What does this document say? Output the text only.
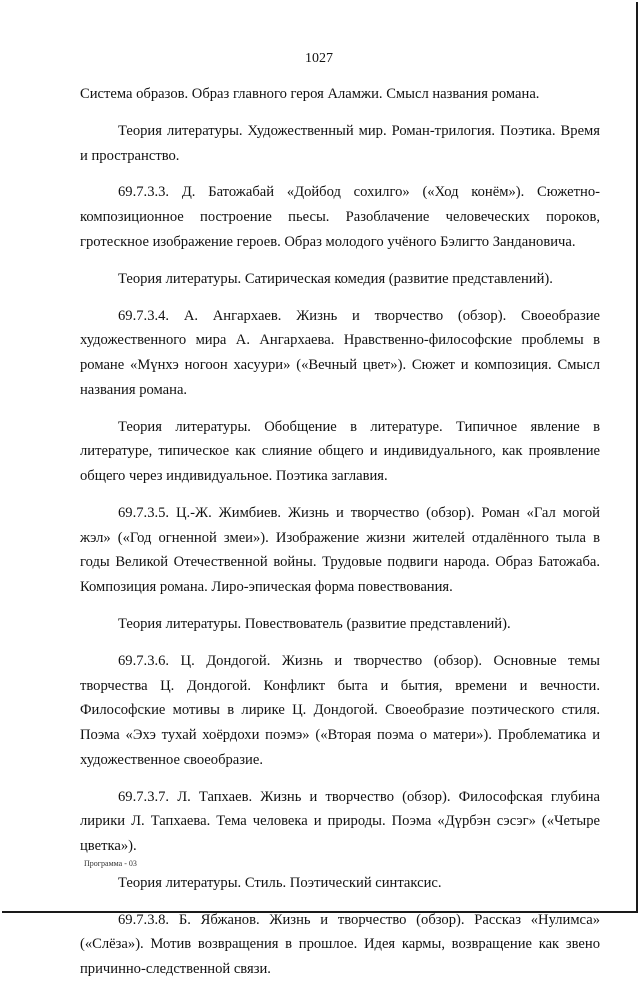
1027

Система образов. Образ главного героя Аламжи. Смысл названия романа.

Теория литературы. Художественный мир. Роман-трилогия. Поэтика. Время и пространство.

69.7.3.3. Д. Батожабай «Дойбод сохилго» («Ход конём»). Сюжетно-композиционное построение пьесы. Разоблачение человеческих пороков, гротескное изображение героев. Образ молодого учёного Бэлигто Зандановича.

Теория литературы. Сатирическая комедия (развитие представлений).

69.7.3.4. А. Ангархаев. Жизнь и творчество (обзор). Своеобразие художественного мира А. Ангархаева. Нравственно-философские проблемы в романе «Мүнхэ ногоон хасуури» («Вечный цвет»). Сюжет и композиция. Смысл названия романа.

Теория литературы. Обобщение в литературе. Типичное явление в литературе, типическое как слияние общего и индивидуального, как проявление общего через индивидуальное. Поэтика заглавия.

69.7.3.5. Ц.-Ж. Жимбиев. Жизнь и творчество (обзор). Роман «Гал могой жэл» («Год огненной змеи»). Изображение жизни жителей отдалённого тыла в годы Великой Отечественной войны. Трудовые подвиги народа. Образ Батожаба. Композиция романа. Лиро-эпическая форма повествования.

Теория литературы. Повествователь (развитие представлений).

69.7.3.6. Ц. Дондогой. Жизнь и творчество (обзор). Основные темы творчества Ц. Дондогой. Конфликт быта и бытия, времени и вечности. Философские мотивы в лирике Ц. Дондогой. Своеобразие поэтического стиля. Поэма «Эхэ тухай хоёрдохи поэмэ» («Вторая поэма о матери»). Проблематика и художественное своеобразие.

69.7.3.7. Л. Тапхаев. Жизнь и творчество (обзор). Философская глубина лирики Л. Тапхаева. Тема человека и природы. Поэма «Дүрбэн сэсэг» («Четыре цветка»).

Теория литературы. Стиль. Поэтический синтаксис.

69.7.3.8. Б. Ябжанов. Жизнь и творчество (обзор). Рассказ «Нулимса» («Слёза»). Мотив возвращения в прошлое. Идея кармы, возвращение как звено причинно-следственной связи.

Программа - 03
